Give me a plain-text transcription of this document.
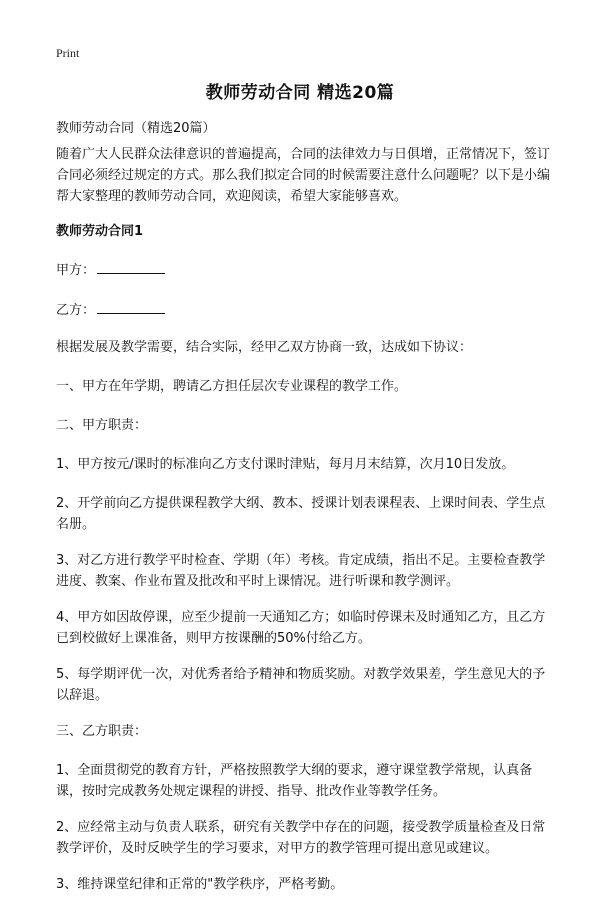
Print
教师劳动合同 精选20篇

教师劳动合同（精选20篇）

随着广大人民群众法律意识的普遍提高，合同的法律效力与日俱增，正常情况下，签订合同必须经过规定的方式。那么我们拟定合同的时候需要注意什么问题呢？以下是小编帮大家整理的教师劳动合同，欢迎阅读，希望大家能够喜欢。

教师劳动合同1

甲方：

乙方：

根据发展及教学需要，结合实际，经甲乙双方协商一致，达成如下协议：

一、甲方在年学期，聘请乙方担任层次专业课程的教学工作。

二、甲方职责：

1、甲方按元/课时的标准向乙方支付课时津贴，每月月末结算，次月10日发放。

2、开学前向乙方提供课程教学大纲、教本、授课计划表课程表、上课时间表、学生点名册。

3、对乙方进行教学平时检查、学期（年）考核。肯定成绩，指出不足。主要检查教学进度、教案、作业布置及批改和平时上课情况。进行听课和教学测评。

4、甲方如因故停课，应至少提前一天通知乙方；如临时停课未及时通知乙方，且乙方已到校做好上课准备，则甲方按课酬的50%付给乙方。

5、每学期评优一次，对优秀者给予精神和物质奖励。对教学效果差，学生意见大的予以辞退。

三、乙方职责：

1、全面贯彻党的教育方针，严格按照教学大纲的要求，遵守课堂教学常规，认真备课，按时完成教务处规定课程的讲授、指导、批改作业等教学任务。

2、应经常主动与负责人联系，研究有关教学中存在的问题，接受教学质量检查及日常教学评价，及时反映学生的学习要求，对甲方的教学管理可提出意见或建议。

3、维持课堂纪律和正常的"教学秩序，严格考勤。
